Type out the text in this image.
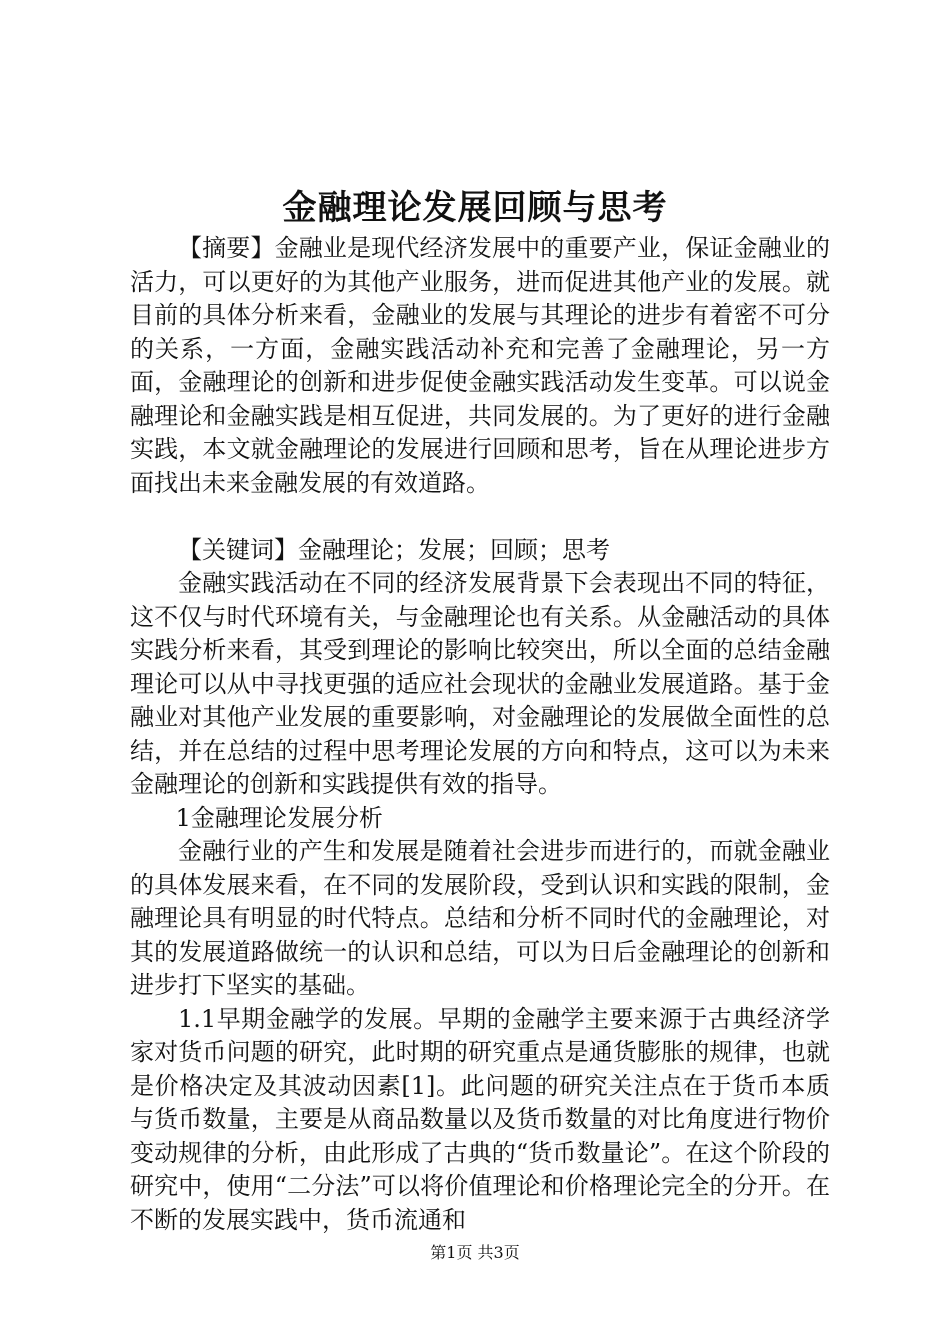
金融理论发展回顾与思考

【摘要】金融业是现代经济发展中的重要产业，保证金融业的活力，可以更好的为其他产业服务，进而促进其他产业的发展。就目前的具体分析来看，金融业的发展与其理论的进步有着密不可分的关系，一方面，金融实践活动补充和完善了金融理论，另一方面，金融理论的创新和进步促使金融实践活动发生变革。可以说金融理论和金融实践是相互促进，共同发展的。为了更好的进行金融实践，本文就金融理论的发展进行回顾和思考，旨在从理论进步方面找出未来金融发展的有效道路。

【关键词】金融理论；发展；回顾；思考

金融实践活动在不同的经济发展背景下会表现出不同的特征，这不仅与时代环境有关，与金融理论也有关系。从金融活动的具体实践分析来看，其受到理论的影响比较突出，所以全面的总结金融理论可以从中寻找更强的适应社会现状的金融业发展道路。基于金融业对其他产业发展的重要影响，对金融理论的发展做全面性的总结，并在总结的过程中思考理论发展的方向和特点，这可以为未来金融理论的创新和实践提供有效的指导。

1金融理论发展分析

金融行业的产生和发展是随着社会进步而进行的，而就金融业的具体发展来看，在不同的发展阶段，受到认识和实践的限制，金融理论具有明显的时代特点。总结和分析不同时代的金融理论，对其的发展道路做统一的认识和总结，可以为日后金融理论的创新和进步打下坚实的基础。

1.1早期金融学的发展。早期的金融学主要来源于古典经济学家对货币问题的研究，此时期的研究重点是通货膨胀的规律，也就是价格决定及其波动因素[1]。此问题的研究关注点在于货币本质与货币数量，主要是从商品数量以及货币数量的对比角度进行物价变动规律的分析，由此形成了古典的“货币数量论”。在这个阶段的研究中，使用“二分法”可以将价值理论和价格理论完全的分开。在不断的发展实践中，货币流通和

第1页 共3页
